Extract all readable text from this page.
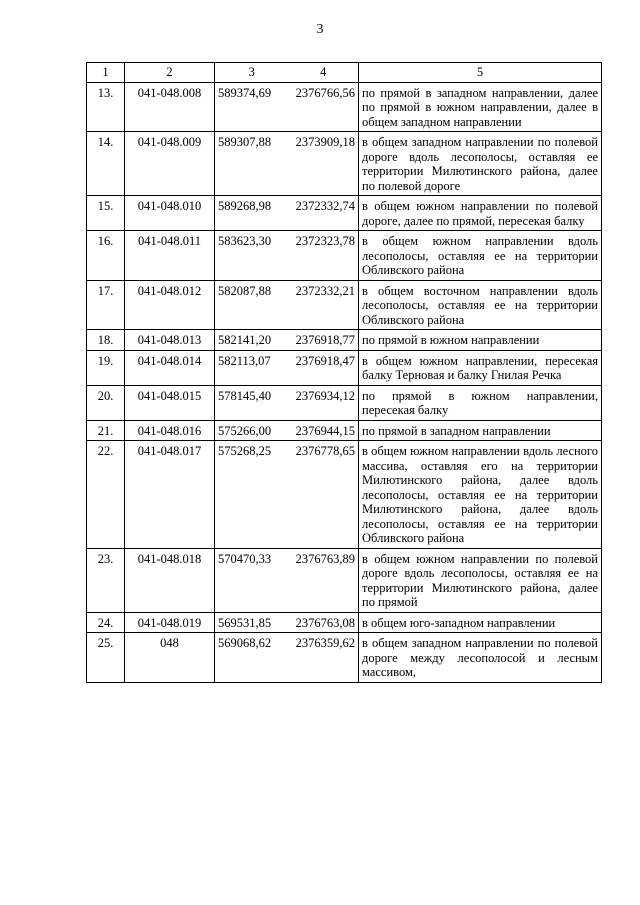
3
1	2	3	4	5
13.	041-048.008	589374,69	2376766,56	по прямой в западном направлении, далее по прямой в южном направлении, далее в общем западном направлении
14.	041-048.009	589307,88	2373909,18	в общем западном направлении по полевой дороге вдоль лесополосы, оставляя ее территории Милютинского района, далее по полевой дороге
15.	041-048.010	589268,98	2372332,74	в общем южном направлении по полевой дороге, далее по прямой, пересекая балку
16.	041-048.011	583623,30	2372323,78	в общем южном направлении вдоль лесополосы, оставляя ее на территории Обливского района
17.	041-048.012	582087,88	2372332,21	в общем восточном направлении вдоль лесополосы, оставляя ее на территории Обливского района
18.	041-048.013	582141,20	2376918,77	по прямой в южном направлении
19.	041-048.014	582113,07	2376918,47	в общем южном направлении, пересекая балку Терновая и балку Гнилая Речка
20.	041-048.015	578145,40	2376934,12	по прямой в южном направлении, пересекая балку
21.	041-048.016	575266,00	2376944,15	по прямой в западном направлении
22.	041-048.017	575268,25	2376778,65	в общем южном направлении вдоль лесного массива, оставляя его на территории Милютинского района, далее вдоль лесополосы, оставляя ее на территории Милютинского района, далее вдоль лесополосы, оставляя ее на территории Обливского района
23.	041-048.018	570470,33	2376763,89	в общем южном направлении по полевой дороге вдоль лесополосы, оставляя ее на территории Милютинского района, далее по прямой
24.	041-048.019	569531,85	2376763,08	в общем юго-западном направлении
25.	048	569068,62	2376359,62	в общем западном направлении по полевой дороге между лесополосой и лесным массивом,
